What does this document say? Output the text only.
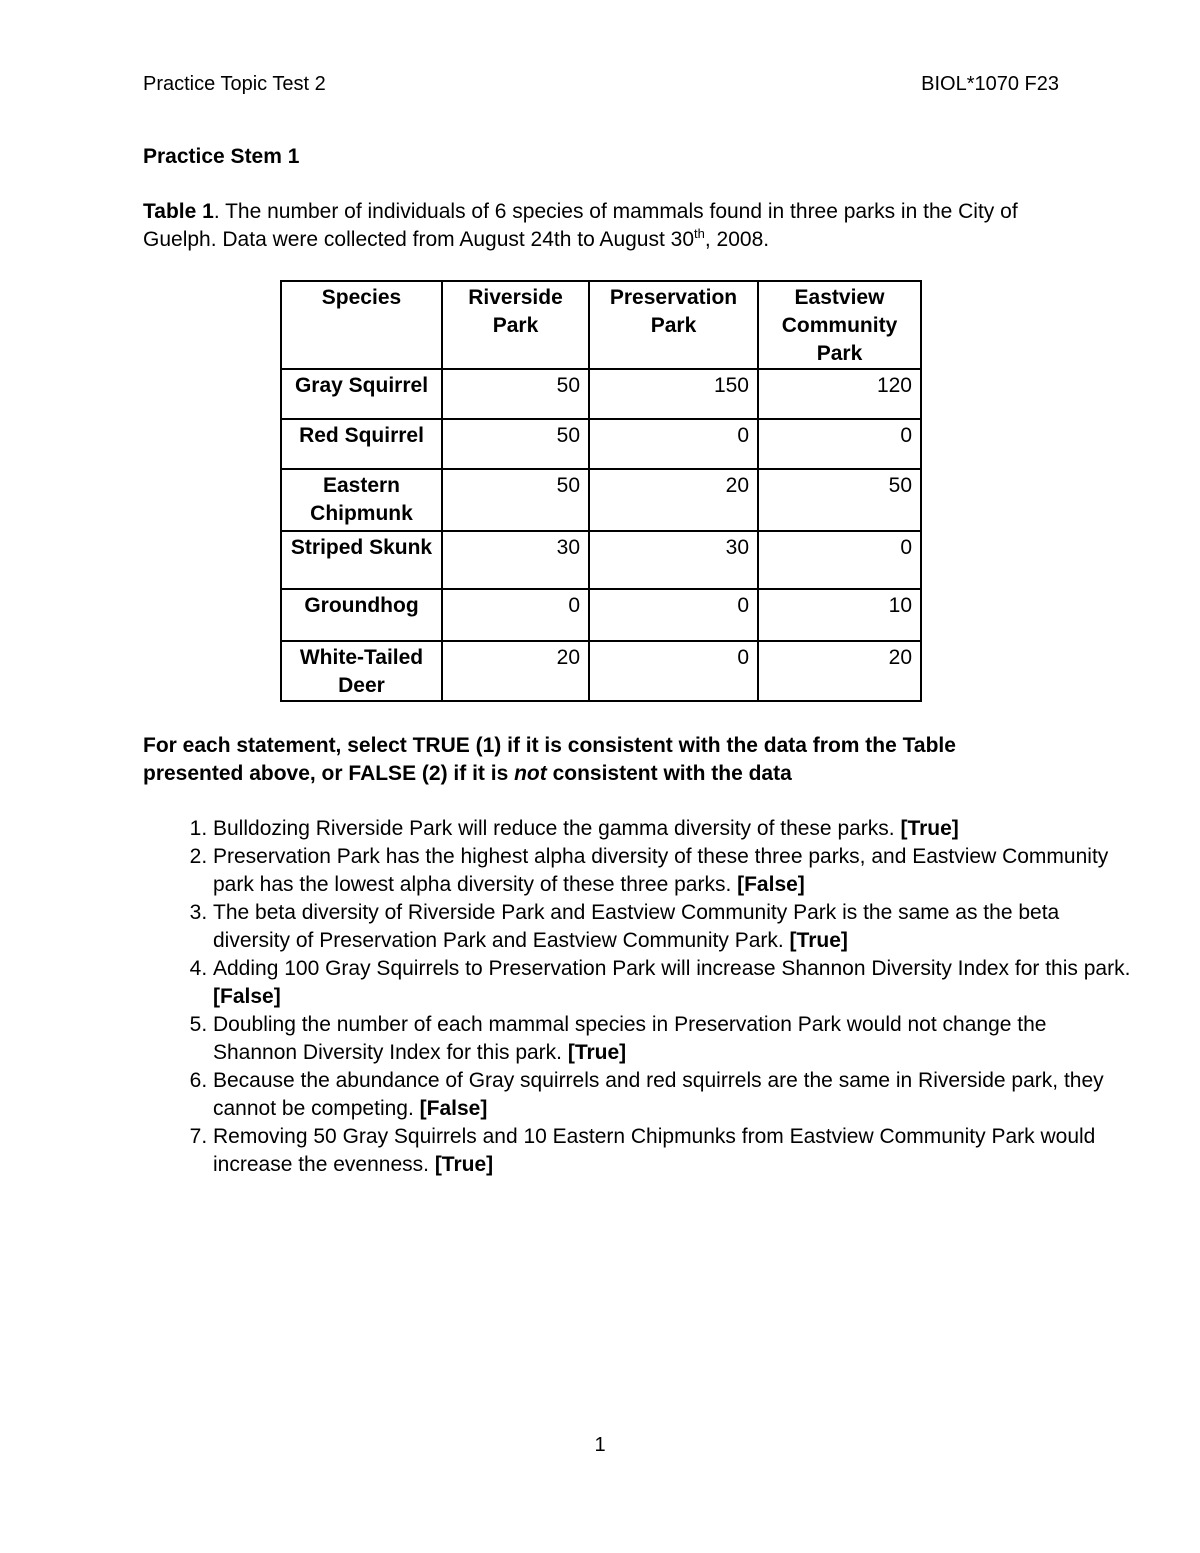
Practice Topic Test 2	BIOL*1070 F23
Practice Stem 1
Table 1. The number of individuals of 6 species of mammals found in three parks in the City of Guelph. Data were collected from August 24th to August 30th, 2008.
Species	Riverside Park	Preservation Park	Eastview Community Park
Gray Squirrel	50	150	120
Red Squirrel	50	0	0
Eastern Chipmunk	50	20	50
Striped Skunk	30	30	0
Groundhog	0	0	10
White-Tailed Deer	20	0	20
For each statement, select TRUE (1) if it is consistent with the data from the Table presented above, or FALSE (2) if it is not consistent with the data
1. Bulldozing Riverside Park will reduce the gamma diversity of these parks. [True]
2. Preservation Park has the highest alpha diversity of these three parks, and Eastview Community park has the lowest alpha diversity of these three parks. [False]
3. The beta diversity of Riverside Park and Eastview Community Park is the same as the beta diversity of Preservation Park and Eastview Community Park. [True]
4. Adding 100 Gray Squirrels to Preservation Park will increase Shannon Diversity Index for this park. [False]
5. Doubling the number of each mammal species in Preservation Park would not change the Shannon Diversity Index for this park. [True]
6. Because the abundance of Gray squirrels and red squirrels are the same in Riverside park, they cannot be competing. [False]
7. Removing 50 Gray Squirrels and 10 Eastern Chipmunks from Eastview Community Park would increase the evenness. [True]
1
